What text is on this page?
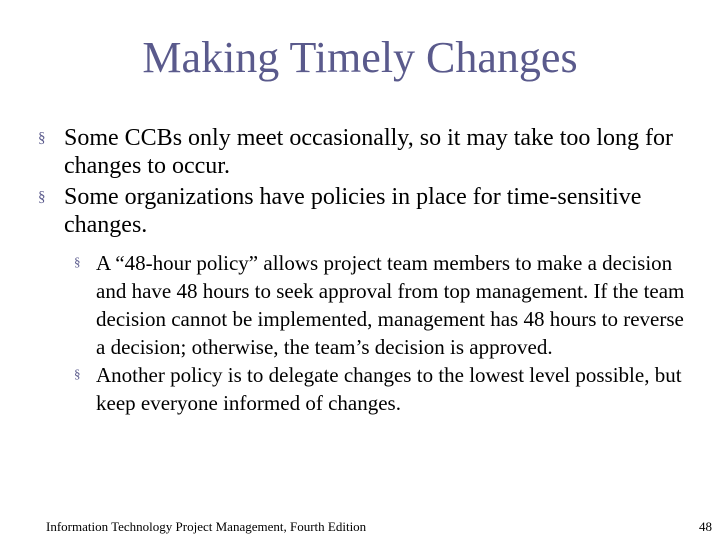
Making Timely Changes
§ Some CCBs only meet occasionally, so it may take too long for changes to occur.
§ Some organizations have policies in place for time-sensitive changes.
§ A “48-hour policy” allows project team members to make a decision and have 48 hours to seek approval from top management. If the team decision cannot be implemented, management has 48 hours to reverse a decision; otherwise, the team’s decision is approved.
§ Another policy is to delegate changes to the lowest level possible, but keep everyone informed of changes.
Information Technology Project Management, Fourth Edition	48
